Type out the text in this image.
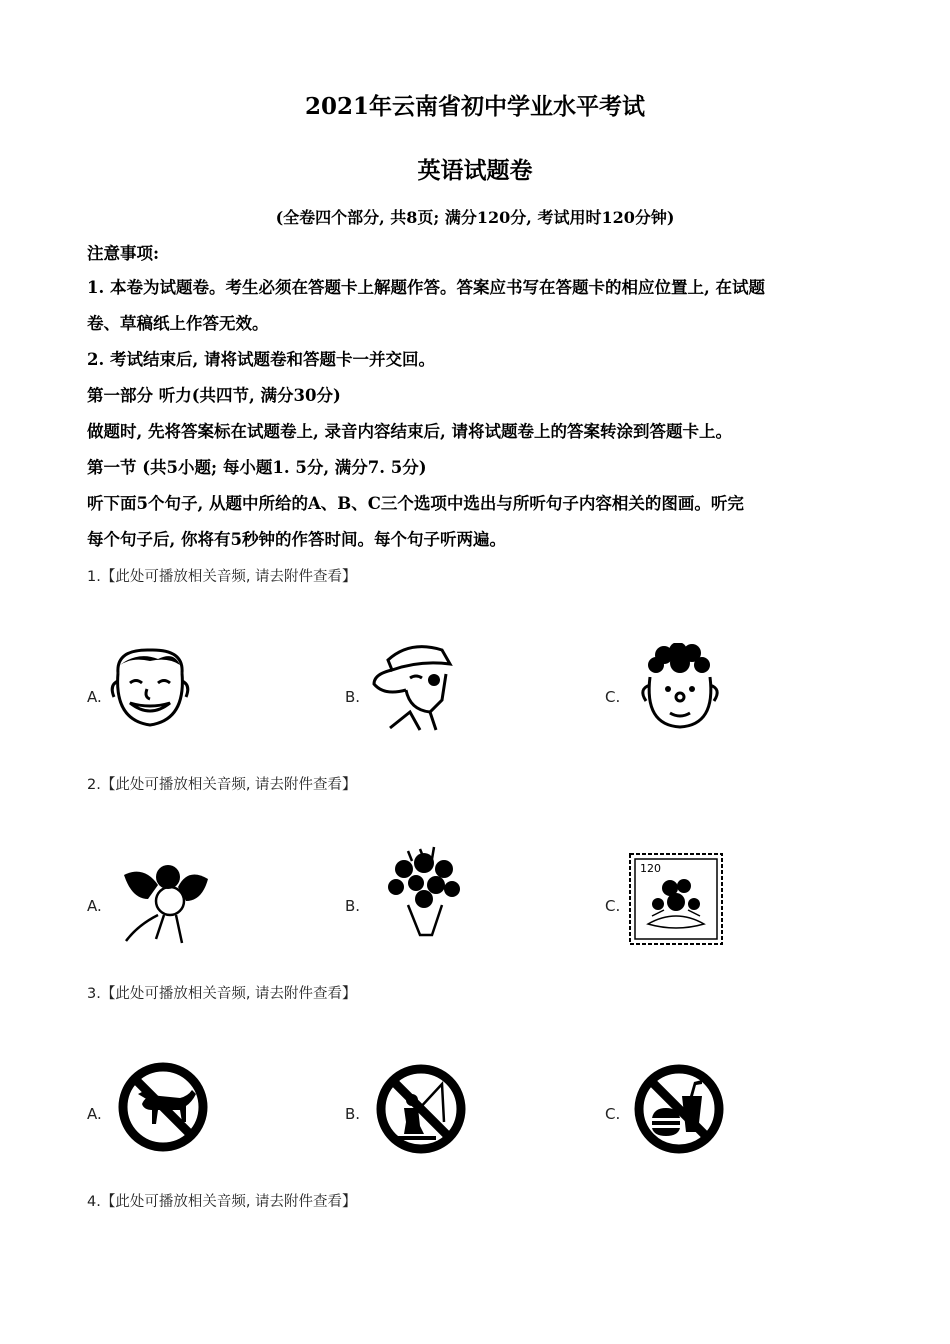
2021年云南省初中学业水平考试
英语试题卷
(全卷四个部分, 共8页; 满分120分, 考试用时120分钟)
注意事项:
1. 本卷为试题卷。考生必须在答题卡上解题作答。答案应书写在答题卡的相应位置上, 在试题
卷、草稿纸上作答无效。
2. 考试结束后, 请将试题卷和答题卡一并交回。
第一部分 听力(共四节, 满分30分)
做题时, 先将答案标在试题卷上, 录音内容结束后, 请将试题卷上的答案转涂到答题卡上。
第一节 (共5小题; 每小题1. 5分, 满分7. 5分)
听下面5个句子, 从题中所给的A、B、C三个选项中选出与所听句子内容相关的图画。听完
每个句子后, 你将有5秒钟的作答时间。每个句子听两遍。
1.【此处可播放相关音频, 请去附件查看】
A.	B.	C.
2.【此处可播放相关音频, 请去附件查看】
A.	B.	C.
120
3.【此处可播放相关音频, 请去附件查看】
A.	B.	C.
4.【此处可播放相关音频, 请去附件查看】
